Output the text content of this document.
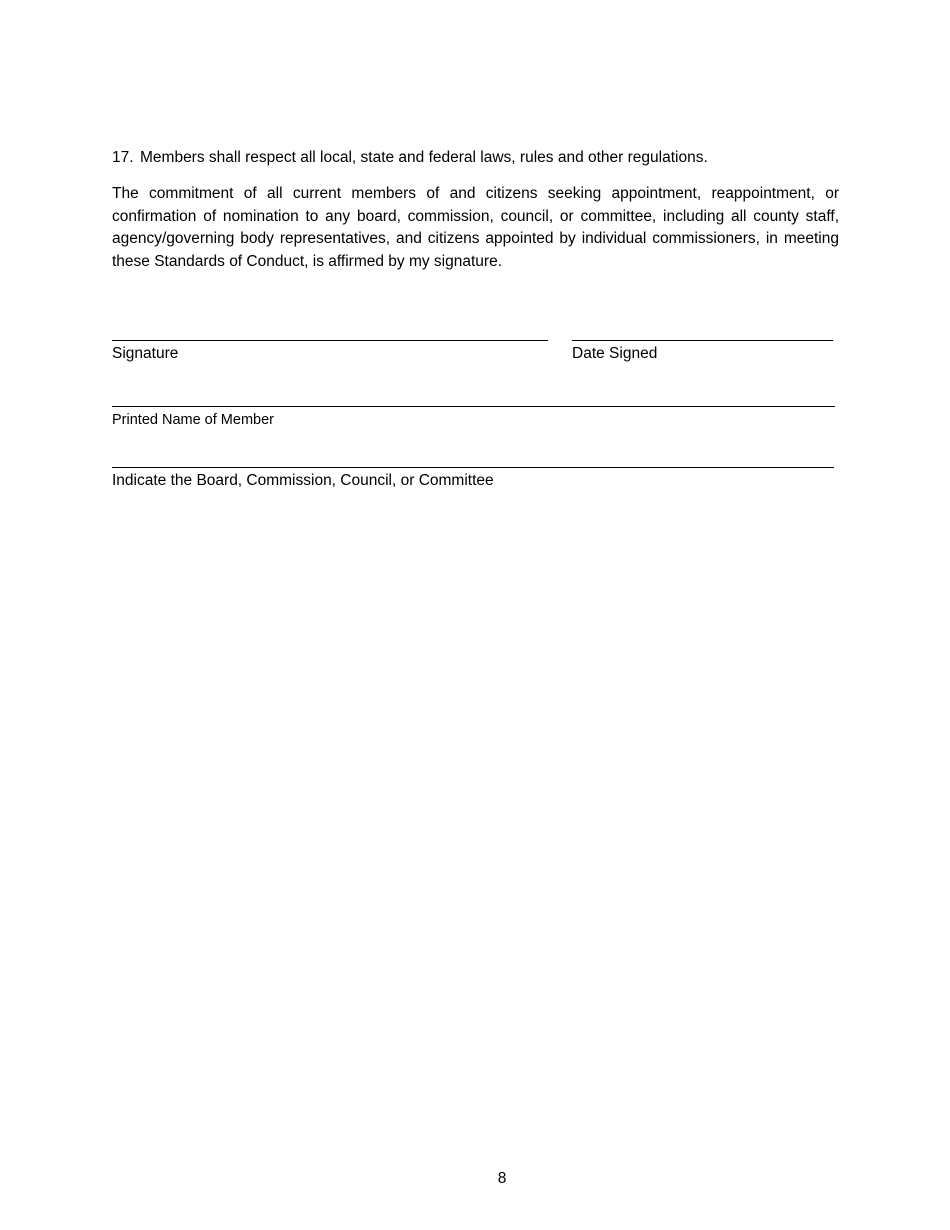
17. Members shall respect all local, state and federal laws, rules and other regulations.

The commitment of all current members of and citizens seeking appointment, reappointment, or confirmation of nomination to any board, commission, council, or committee, including all county staff, agency/governing body representatives, and citizens appointed by individual commissioners, in meeting these Standards of Conduct, is affirmed by my signature.

Signature	Date Signed
Printed Name of Member
Indicate the Board, Commission, Council, or Committee
8
